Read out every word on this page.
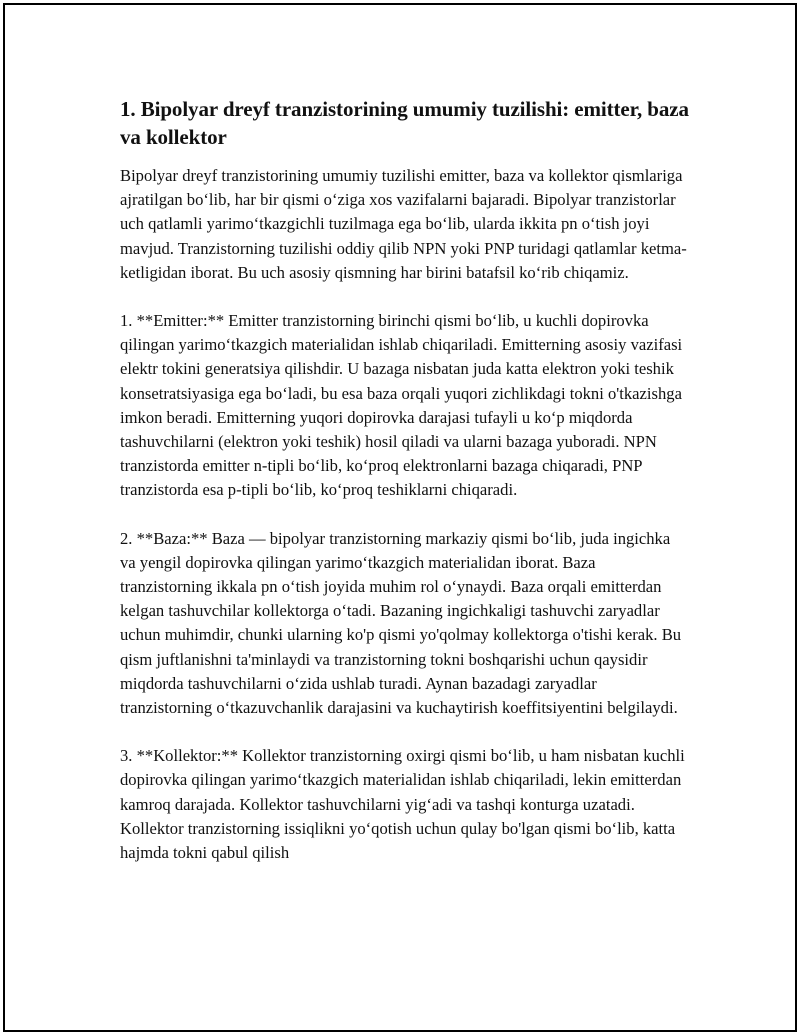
1. Bipolyar dreyf tranzistorining umumiy tuzilishi: emitter, baza va kollektor

Bipolyar dreyf tranzistorining umumiy tuzilishi emitter, baza va kollektor qismlariga ajratilgan bo‘lib, har bir qismi o‘ziga xos vazifalarni bajaradi. Bipolyar tranzistorlar uch qatlamli yarimo‘tkazgichli tuzilmaga ega bo‘lib, ularda ikkita pn o‘tish joyi mavjud. Tranzistorning tuzilishi oddiy qilib NPN yoki PNP turidagi qatlamlar ketma-ketligidan iborat. Bu uch asosiy qismning har birini batafsil ko‘rib chiqamiz.

1. **Emitter:** Emitter tranzistorning birinchi qismi bo‘lib, u kuchli dopirovka qilingan yarimo‘tkazgich materialidan ishlab chiqariladi. Emitterning asosiy vazifasi elektr tokini generatsiya qilishdir. U bazaga nisbatan juda katta elektron yoki teshik konsetratsiyasiga ega bo‘ladi, bu esa baza orqali yuqori zichlikdagi tokni o'tkazishga imkon beradi. Emitterning yuqori dopirovka darajasi tufayli u ko‘p miqdorda tashuvchilarni (elektron yoki teshik) hosil qiladi va ularni bazaga yuboradi. NPN tranzistorda emitter n-tipli bo‘lib, ko‘proq elektronlarni bazaga chiqaradi, PNP tranzistorda esa p-tipli bo‘lib, ko‘proq teshiklarni chiqaradi.

2. **Baza:** Baza — bipolyar tranzistorning markaziy qismi bo‘lib, juda ingichka va yengil dopirovka qilingan yarimo‘tkazgich materialidan iborat. Baza tranzistorning ikkala pn o‘tish joyida muhim rol o‘ynaydi. Baza orqali emitterdan kelgan tashuvchilar kollektorga o‘tadi. Bazaning ingichkaligi tashuvchi zaryadlar uchun muhimdir, chunki ularning ko'p qismi yo'qolmay kollektorga o'tishi kerak. Bu qism juftlanishni ta'minlaydi va tranzistorning tokni boshqarishi uchun qaysidir miqdorda tashuvchilarni o‘zida ushlab turadi. Aynan bazadagi zaryadlar tranzistorning o‘tkazuvchanlik darajasini va kuchaytirish koeffitsiyentini belgilaydi.

3. **Kollektor:** Kollektor tranzistorning oxirgi qismi bo‘lib, u ham nisbatan kuchli dopirovka qilingan yarimo‘tkazgich materialidan ishlab chiqariladi, lekin emitterdan kamroq darajada. Kollektor tashuvchilarni yig‘adi va tashqi konturga uzatadi. Kollektor tranzistorning issiqlikni yo‘qotish uchun qulay bo'lgan qismi bo‘lib, katta hajmda tokni qabul qilish
